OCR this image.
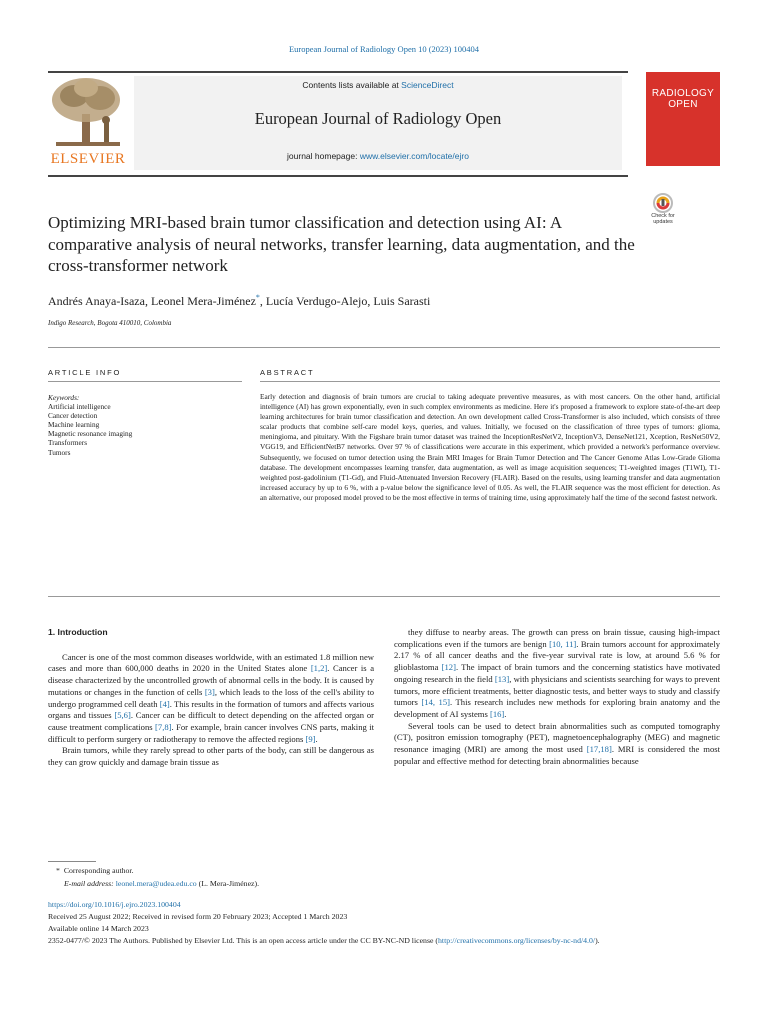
European Journal of Radiology Open 10 (2023) 100404
ELSEVIER
Contents lists available at ScienceDirect
European Journal of Radiology Open
journal homepage: www.elsevier.com/locate/ejro
RADIOLOGY
OPEN
Check for updates
Optimizing MRI-based brain tumor classification and detection using AI: A comparative analysis of neural networks, transfer learning, data augmentation, and the cross-transformer network
Andrés Anaya-Isaza, Leonel Mera-Jiménez*, Lucía Verdugo-Alejo, Luis Sarasti
Indigo Research, Bogota 410010, Colombia
ARTICLE INFO	ABSTRACT
Keywords:
Artificial intelligence
Cancer detection
Machine learning
Magnetic resonance imaging
Transformers
Tumors
Early detection and diagnosis of brain tumors are crucial to taking adequate preventive measures, as with most cancers. On the other hand, artificial intelligence (AI) has grown exponentially, even in such complex environments as medicine. Here it's proposed a framework to explore state-of-the-art deep learning architectures for brain tumor classification and detection. An own development called Cross-Transformer is also included, which consists of three scalar products that combine self-care model keys, queries, and values. Initially, we focused on the classification of three types of tumors: glioma, meningioma, and pituitary. With the Figshare brain tumor dataset was trained the InceptionResNetV2, InceptionV3, DenseNet121, Xception, ResNet50V2, VGG19, and EfficientNetB7 networks. Over 97 % of classifications were accurate in this experiment, which provided a network's performance overview. Subsequently, we focused on tumor detection using the Brain MRI Images for Brain Tumor Detection and The Cancer Genome Atlas Low-Grade Glioma database. The development encompasses learning transfer, data augmentation, as well as image acquisition sequences; T1-weighted images (T1WI), T1-weighted post-gadolinium (T1-Gd), and Fluid-Attenuated Inversion Recovery (FLAIR). Based on the results, using learning transfer and data augmentation increased accuracy by up to 6 %, with a p-value below the significance level of 0.05. As well, the FLAIR sequence was the most efficient for detection. As an alternative, our proposed model proved to be the most effective in terms of training time, using approximately half the time of the second fastest network.
1. Introduction

Cancer is one of the most common diseases worldwide, with an estimated 1.8 million new cases and more than 600,000 deaths in 2020 in the United States alone [1,2]. Cancer is a disease characterized by the uncontrolled growth of abnormal cells in the body. It is caused by mutations or changes in the function of cells [3], which leads to the loss of the cell's ability to undergo programmed cell death [4]. This results in the formation of tumors and affects various organs and tissues [5,6]. Cancer can be difficult to detect depending on the affected organ or cause treatment complications [7,8]. For example, brain cancer involves CNS parts, making it difficult to perform surgery or radiotherapy to remove the affected regions [9].

Brain tumors, while they rarely spread to other parts of the body, can still be dangerous as they can grow quickly and damage brain tissue as

they diffuse to nearby areas. The growth can press on brain tissue, causing high-impact complications even if the tumors are benign [10, 11]. Brain tumors account for approximately 2.17 % of all cancer deaths and the five-year survival rate is low, at around 5.6 % for glioblastoma [12]. The impact of brain tumors and the concerning statistics have motivated ongoing research in the field [13], with physicians and scientists searching for ways to prevent tumors, more efficient treatments, better diagnostic tests, and better ways to study and classify tumors [14, 15]. This research includes new methods for exploring brain anatomy and the development of AI systems [16].

Several tools can be used to detect brain abnormalities such as computed tomography (CT), positron emission tomography (PET), magnetoencephalography (MEG) and magnetic resonance imaging (MRI) are among the most used [17,18]. MRI is considered the most popular and effective method for detecting brain abnormalities because

* Corresponding author.
E-mail address: leonel.mera@udea.edu.co (L. Mera-Jiménez).
https://doi.org/10.1016/j.ejro.2023.100404
Received 25 August 2022; Received in revised form 20 February 2023; Accepted 1 March 2023
Available online 14 March 2023
2352-0477/© 2023 The Authors. Published by Elsevier Ltd. This is an open access article under the CC BY-NC-ND license (http://creativecommons.org/licenses/by-nc-nd/4.0/).
